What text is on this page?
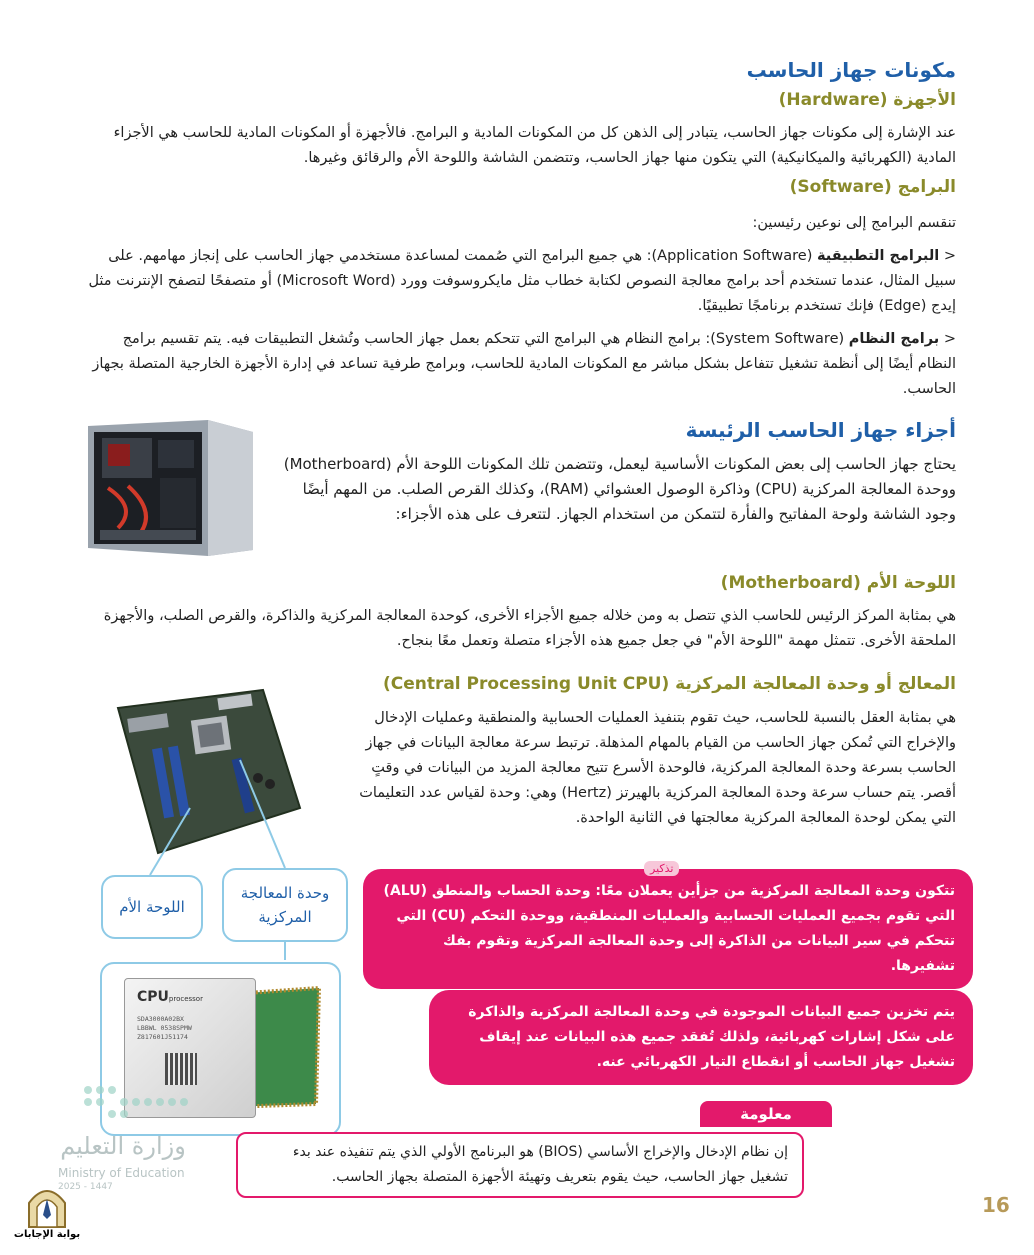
مكونات جهاز الحاسب
الأجهزة (Hardware)
عند الإشارة إلى مكونات جهاز الحاسب، يتبادر إلى الذهن كل من المكونات المادية و البرامج. فالأجهزة أو المكونات المادية للحاسب هي الأجزاء المادية (الكهربائية والميكانيكية) التي يتكون منها جهاز الحاسب، وتتضمن الشاشة واللوحة الأم والرقائق وغيرها.
البرامج (Software)
تنقسم البرامج إلى نوعين رئيسين:
< البرامج التطبيقية (Application Software): هي جميع البرامج التي صُممت لمساعدة مستخدمي جهاز الحاسب على إنجاز مهامهم. على سبيل المثال، عندما تستخدم أحد برامج معالجة النصوص لكتابة خطاب مثل مايكروسوفت وورد (Microsoft Word) أو متصفحًا لتصفح الإنترنت مثل إيدج (Edge) فإنك تستخدم برنامجًا تطبيقيًا.
< برامج النظام (System Software): برامج النظام هي البرامج التي تتحكم بعمل جهاز الحاسب وتُشغل التطبيقات فيه. يتم تقسيم برامج النظام أيضًا إلى أنظمة تشغيل تتفاعل بشكل مباشر مع المكونات المادية للحاسب، وبرامج طرفية تساعد في إدارة الأجهزة الخارجية المتصلة بجهاز الحاسب.
أجزاء جهاز الحاسب الرئيسة
يحتاج جهاز الحاسب إلى بعض المكونات الأساسية ليعمل، وتتضمن تلك المكونات اللوحة الأم (Motherboard) ووحدة المعالجة المركزية (CPU) وذاكرة الوصول العشوائي (RAM)، وكذلك القرص الصلب. من المهم أيضًا وجود الشاشة ولوحة المفاتيح والفأرة لتتمكن من استخدام الجهاز. لتتعرف على هذه الأجزاء:
اللوحة الأم (Motherboard)
هي بمثابة المركز الرئيس للحاسب الذي تتصل به ومن خلاله جميع الأجزاء الأخرى، كوحدة المعالجة المركزية والذاكرة، والقرص الصلب، والأجهزة الملحقة الأخرى. تتمثل مهمة "اللوحة الأم" في جعل جميع هذه الأجزاء متصلة وتعمل معًا بنجاح.
المعالج أو وحدة المعالجة المركزية (Central Processing Unit CPU)
هي بمثابة العقل بالنسبة للحاسب، حيث تقوم بتنفيذ العمليات الحسابية والمنطقية وعمليات الإدخال والإخراج التي تُمكن جهاز الحاسب من القيام بالمهام المذهلة. ترتبط سرعة معالجة البيانات في جهاز الحاسب بسرعة وحدة المعالجة المركزية، فالوحدة الأسرع تتيح معالجة المزيد من البيانات في وقتٍ أقصر. يتم حساب سرعة وحدة المعالجة المركزية بالهيرتز (Hertz) وهي: وحدة لقياس عدد التعليمات التي يمكن لوحدة المعالجة المركزية معالجتها في الثانية الواحدة.
اللوحة الأم
وحدة المعالجة المركزية
CPUprocessor
SDA3000A02BX
LBBWL 0538SPMW
Z817601J51174
تتكون وحدة المعالجة المركزية من جزأين يعملان معًا: وحدة الحساب والمنطق (ALU) التي تقوم بجميع العمليات الحسابية والعمليات المنطقية، ووحدة التحكم (CU) التي تتحكم في سير البيانات من الذاكرة إلى وحدة المعالجة المركزية وتقوم بفك تشفيرها.
تذكير
يتم تخزين جميع البيانات الموجودة في وحدة المعالجة المركزية والذاكرة على شكل إشارات كهربائية، ولذلك تُفقد جميع هذه البيانات عند إيقاف تشغيل جهاز الحاسب أو انقطاع التيار الكهربائي عنه.
معلومة
إن نظام الإدخال والإخراج الأساسي (BIOS) هو البرنامج الأولي الذي يتم تنفيذه عند بدء تشغيل جهاز الحاسب، حيث يقوم بتعريف وتهيئة الأجهزة المتصلة بجهاز الحاسب.
وزارة التعليم
Ministry of Education
2025 - 1447
بوابة الإجابات
16
